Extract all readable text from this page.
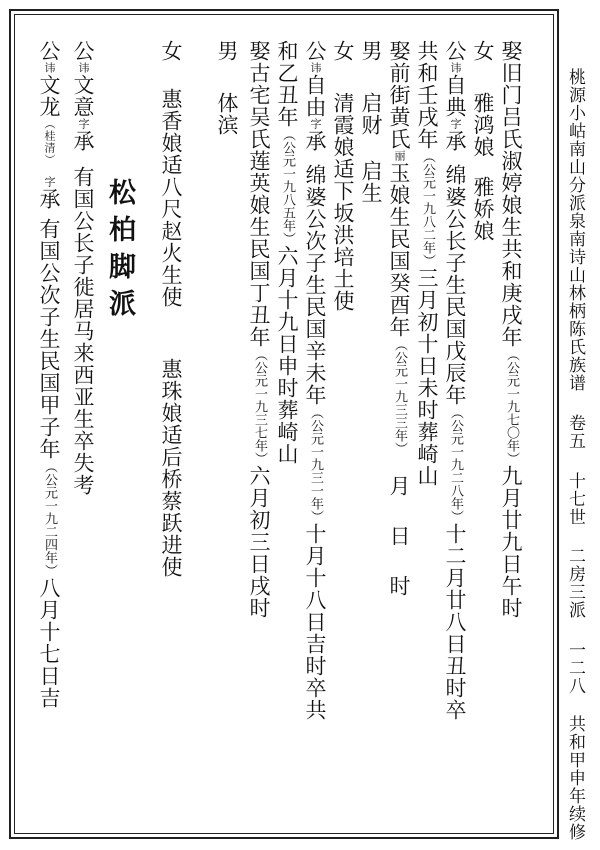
桃源小岵南山分派泉南诗山林柄陈氏族谱卷五十七世 二房三派一二八共和甲申年续修
娶旧门吕氏淑婷娘生共和庚戌年（公元一九七〇年）九月廿九日午时
女雅鸿娘雅娇娘
公讳自典字承绵婆公长子生民国戊辰年（公元一九二八年）十二月廿八日丑时卒
共和壬戌年（公元一九八二年）三月初十日未时葬崎山
娶前街黄氏丽玉娘生民国癸酉年（公元一九三三年）月日时
男启财启生
女清霞娘适下坂洪培土使
公讳自由字承绵婆公次子生民国辛未年（公元一九三一年）十月十八日吉时卒共
和乙丑年（公元一九八五年）六月十九日申时葬崎山
娶古宅吴氏莲英娘生民国丁丑年（公元一九三七年）六月初三日戌时
男体滨
女惠香娘适八尺赵火生使惠珠娘适后桥蔡跃进使
松柏脚派
公讳文意字承有国公长子徙居马来西亚生卒失考
公讳文龙（桂清）字承有国公次子生民国甲子年（公元一九二四年）八月十七日吉
